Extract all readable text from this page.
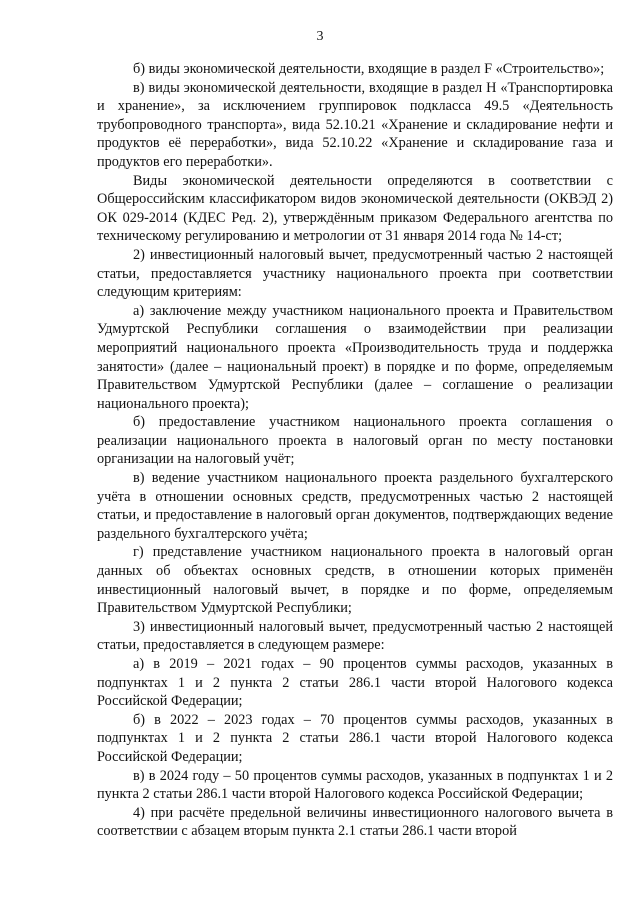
3

б) виды экономической деятельности, входящие в раздел F «Строительство»;

в) виды экономической деятельности, входящие в раздел H «Транспортировка и хранение», за исключением группировок подкласса 49.5 «Деятельность трубопроводного транспорта», вида 52.10.21 «Хранение и складирование нефти и продуктов её переработки», вида 52.10.22 «Хранение и складирование газа и продуктов его переработки».

Виды экономической деятельности определяются в соответствии с Общероссийским классификатором видов экономической деятельности (ОКВЭД 2) ОК 029-2014 (КДЕС Ред. 2), утверждённым приказом Федерального агентства по техническому регулированию и метрологии от 31 января 2014 года № 14-ст;

2) инвестиционный налоговый вычет, предусмотренный частью 2 настоящей статьи, предоставляется участнику национального проекта при соответствии следующим критериям:

а) заключение между участником национального проекта и Правительством Удмуртской Республики соглашения о взаимодействии при реализации мероприятий национального проекта «Производительность труда и поддержка занятости» (далее – национальный проект) в порядке и по форме, определяемым Правительством Удмуртской Республики (далее – соглашение о реализации национального проекта);

б) предоставление участником национального проекта соглашения о реализации национального проекта в налоговый орган по месту постановки организации на налоговый учёт;

в) ведение участником национального проекта раздельного бухгалтерского учёта в отношении основных средств, предусмотренных частью 2 настоящей статьи, и предоставление в налоговый орган документов, подтверждающих ведение раздельного бухгалтерского учёта;

г) представление участником национального проекта в налоговый орган данных об объектах основных средств, в отношении которых применён инвестиционный налоговый вычет, в порядке и по форме, определяемым Правительством Удмуртской Республики;

3) инвестиционный налоговый вычет, предусмотренный частью 2 настоящей статьи, предоставляется в следующем размере:

а) в 2019 – 2021 годах – 90 процентов суммы расходов, указанных в подпунктах 1 и 2 пункта 2 статьи 286.1 части второй Налогового кодекса Российской Федерации;

б) в 2022 – 2023 годах – 70 процентов суммы расходов, указанных в подпунктах 1 и 2 пункта 2 статьи 286.1 части второй Налогового кодекса Российской Федерации;

в) в 2024 году – 50 процентов суммы расходов, указанных в подпунктах 1 и 2 пункта 2 статьи 286.1 части второй Налогового кодекса Российской Федерации;

4) при расчёте предельной величины инвестиционного налогового вычета в соответствии с абзацем вторым пункта 2.1 статьи 286.1 части второй
